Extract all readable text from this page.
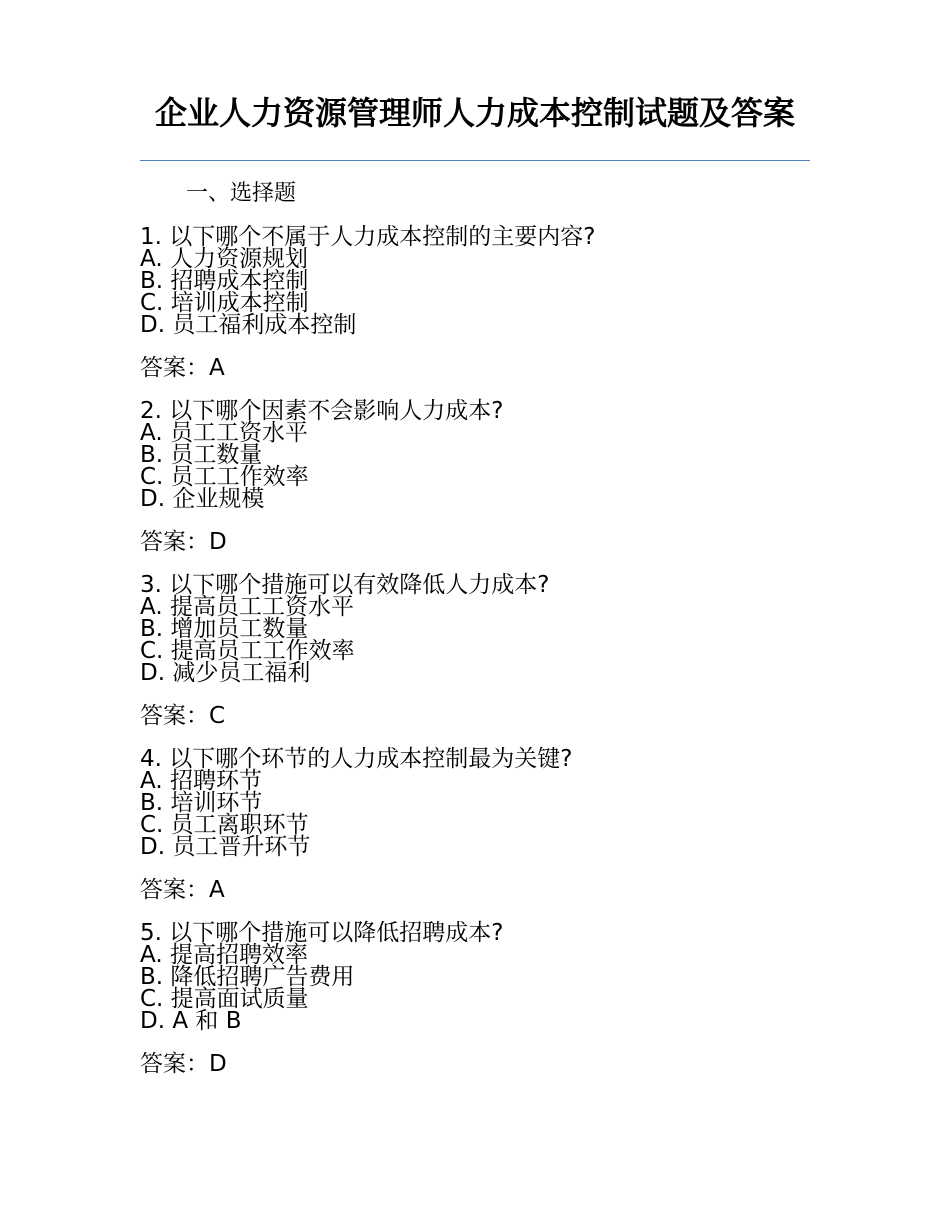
企业人力资源管理师人力成本控制试题及答案
一、选择题
1. 以下哪个不属于人力成本控制的主要内容?
A. 人力资源规划
B. 招聘成本控制
C. 培训成本控制
D. 员工福利成本控制
答案：A
2. 以下哪个因素不会影响人力成本?
A. 员工工资水平
B. 员工数量
C. 员工工作效率
D. 企业规模
答案：D
3. 以下哪个措施可以有效降低人力成本?
A. 提高员工工资水平
B. 增加员工数量
C. 提高员工工作效率
D. 减少员工福利
答案：C
4. 以下哪个环节的人力成本控制最为关键?
A. 招聘环节
B. 培训环节
C. 员工离职环节
D. 员工晋升环节
答案：A
5. 以下哪个措施可以降低招聘成本?
A. 提高招聘效率
B. 降低招聘广告费用
C. 提高面试质量
D. A 和 B
答案：D
